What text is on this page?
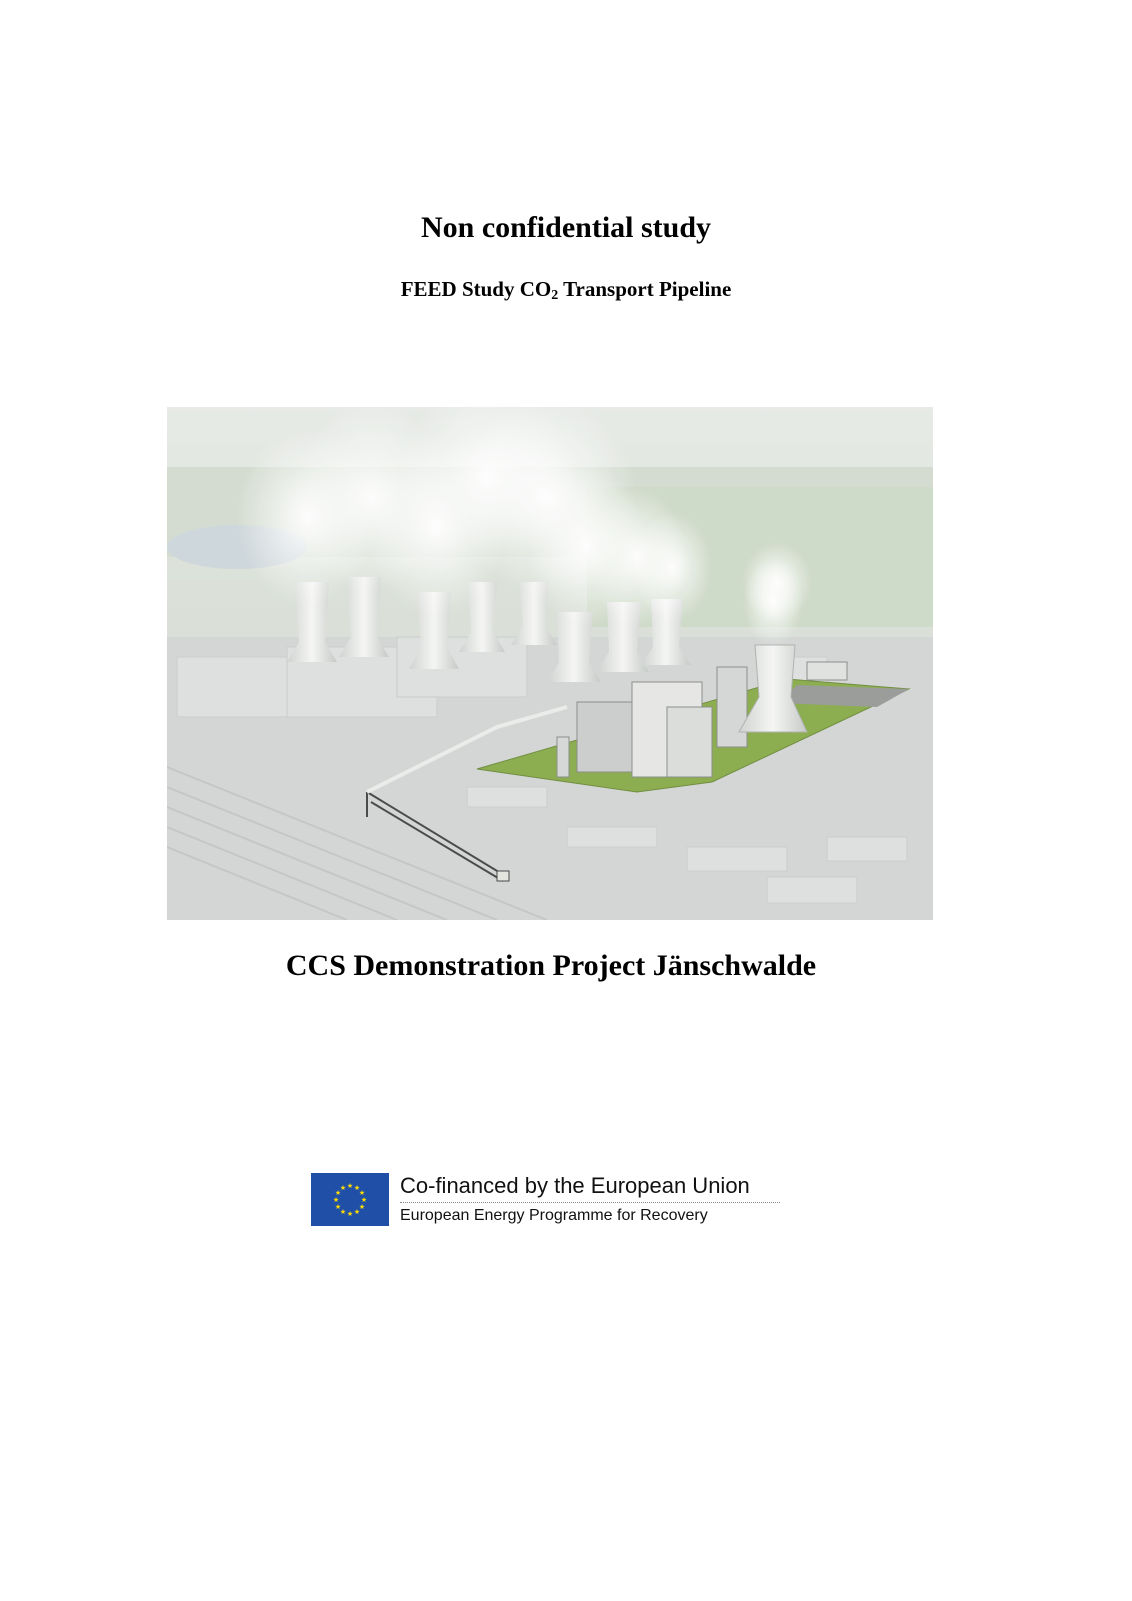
Non confidential study
FEED Study $CO_2$ Transport Pipeline
CCS Demonstration Project Jänschwalde
★ ★
★
★
★
★
★
★
★
★
★
★ Co-financed by the European Union
European Energy Programme for Recovery
